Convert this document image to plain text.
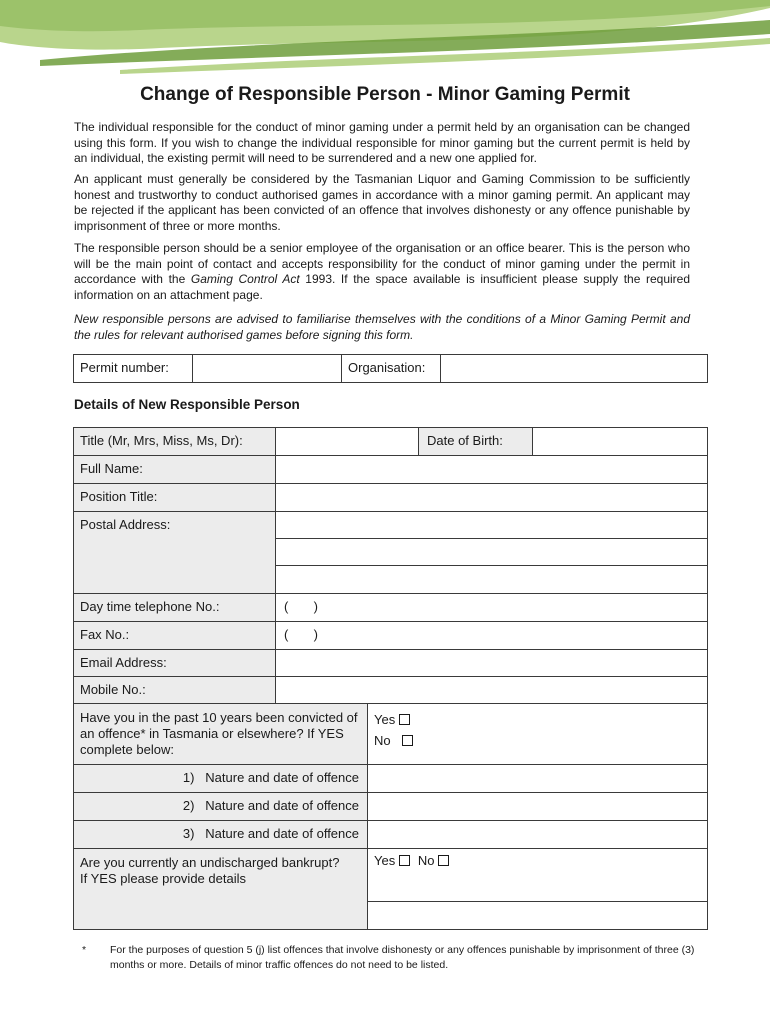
Change of Responsible Person - Minor Gaming Permit

The individual responsible for the conduct of minor gaming under a permit held by an organisation can be changed using this form. If you wish to change the individual responsible for minor gaming but the current permit is held by an individual, the existing permit will need to be surrendered and a new one applied for.

An applicant must generally be considered by the Tasmanian Liquor and Gaming Commission to be sufficiently honest and trustworthy to conduct authorised games in accordance with a minor gaming permit. An applicant may be rejected if the applicant has been convicted of an offence that involves dishonesty or any offence punishable by imprisonment of three or more months.

The responsible person should be a senior employee of the organisation or an office bearer. This is the person who will be the main point of contact and accepts responsibility for the conduct of minor gaming under the permit in accordance with the Gaming Control Act 1993. If the space available is insufficient please supply the required information on an attachment page.

New responsible persons are advised to familiarise themselves with the conditions of a Minor Gaming Permit and the rules for relevant authorised games before signing this form.

Permit number:	Organisation:
Details of New Responsible Person
Title (Mr, Mrs, Miss, Ms, Dr):	Date of Birth:
Full Name:
Position Title:
Postal Address:
Day time telephone No.:	(       )
Fax No.:	(       )
Email Address:
Mobile No.:
Have you in the past 10 years been convicted of an offence* in Tasmania or elsewhere? If YES complete below:
Yes
No
1)   Nature and date of offence
2)   Nature and date of offence
3)   Nature and date of offence
Are you currently an undischarged bankrupt?     If YES please provide details
Yes No
* For the purposes of question 5 (j) list offences that involve dishonesty or any offences punishable by imprisonment of three (3) months or more. Details of minor traffic offences do not need to be listed.
